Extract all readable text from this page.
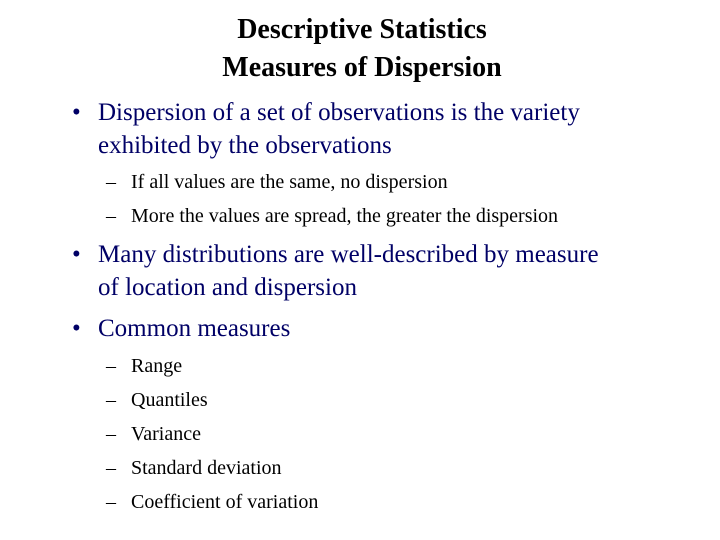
Descriptive Statistics
Measures of Dispersion
• Dispersion of a set of observations is the variety
exhibited by the observations
– If all values are the same, no dispersion
– More the values are spread, the greater the dispersion
• Many distributions are well-described by measure
of location and dispersion
• Common measures
– Range
– Quantiles
– Variance
– Standard deviation
– Coefficient of variation
